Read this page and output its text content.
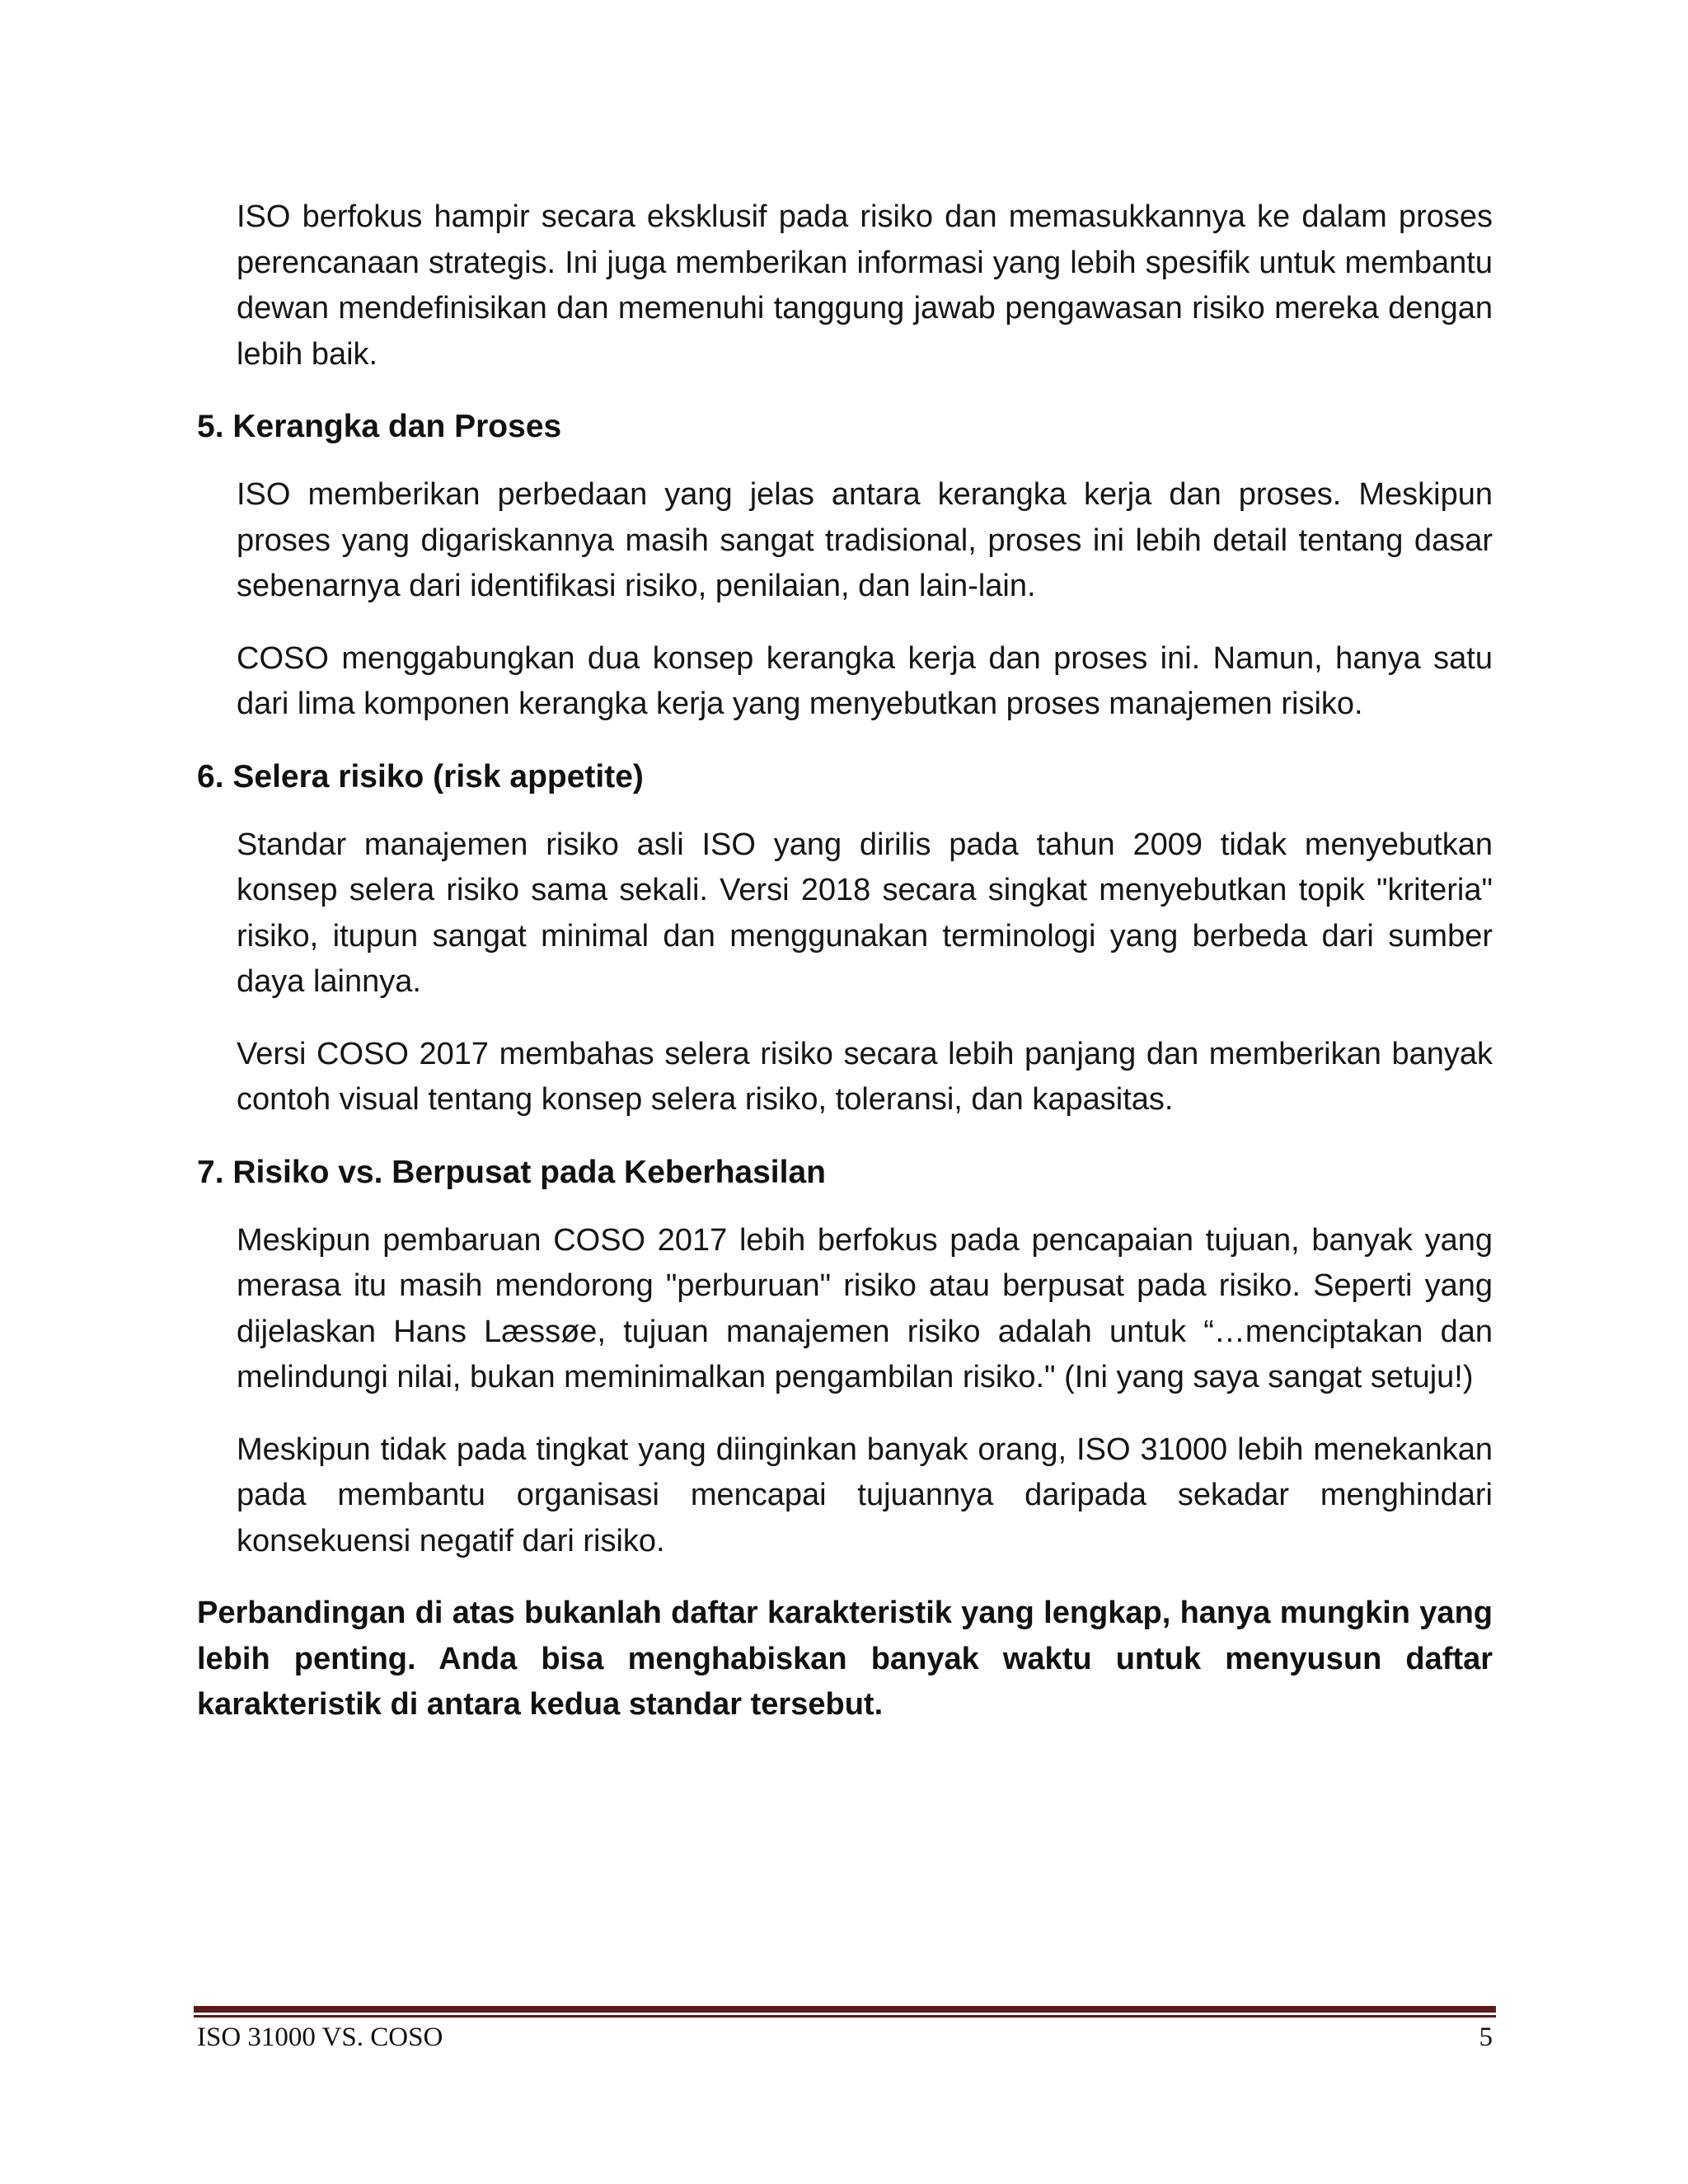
ISO berfokus hampir secara eksklusif pada risiko dan memasukkannya ke dalam proses perencanaan strategis. Ini juga memberikan informasi yang lebih spesifik untuk membantu dewan mendefinisikan dan memenuhi tanggung jawab pengawasan risiko mereka dengan lebih baik.

5. Kerangka dan Proses

ISO memberikan perbedaan yang jelas antara kerangka kerja dan proses. Meskipun proses yang digariskannya masih sangat tradisional, proses ini lebih detail tentang dasar sebenarnya dari identifikasi risiko, penilaian, dan lain-lain.

COSO menggabungkan dua konsep kerangka kerja dan proses ini. Namun, hanya satu dari lima komponen kerangka kerja yang menyebutkan proses manajemen risiko.

6. Selera risiko (risk appetite)

Standar manajemen risiko asli ISO yang dirilis pada tahun 2009 tidak menyebutkan konsep selera risiko sama sekali. Versi 2018 secara singkat menyebutkan topik "kriteria" risiko, itupun sangat minimal dan menggunakan terminologi yang berbeda dari sumber daya lainnya.

Versi COSO 2017 membahas selera risiko secara lebih panjang dan memberikan banyak contoh visual tentang konsep selera risiko, toleransi, dan kapasitas.

7. Risiko vs. Berpusat pada Keberhasilan

Meskipun pembaruan COSO 2017 lebih berfokus pada pencapaian tujuan, banyak yang merasa itu masih mendorong "perburuan" risiko atau berpusat pada risiko. Seperti yang dijelaskan Hans Læssøe, tujuan manajemen risiko adalah untuk “…menciptakan dan melindungi nilai, bukan meminimalkan pengambilan risiko." (Ini yang saya sangat setuju!)

Meskipun tidak pada tingkat yang diinginkan banyak orang, ISO 31000 lebih menekankan pada membantu organisasi mencapai tujuannya daripada sekadar menghindari konsekuensi negatif dari risiko.

Perbandingan di atas bukanlah daftar karakteristik yang lengkap, hanya mungkin yang lebih penting. Anda bisa menghabiskan banyak waktu untuk menyusun daftar karakteristik di antara kedua standar tersebut.

ISO 31000 VS. COSO	5
